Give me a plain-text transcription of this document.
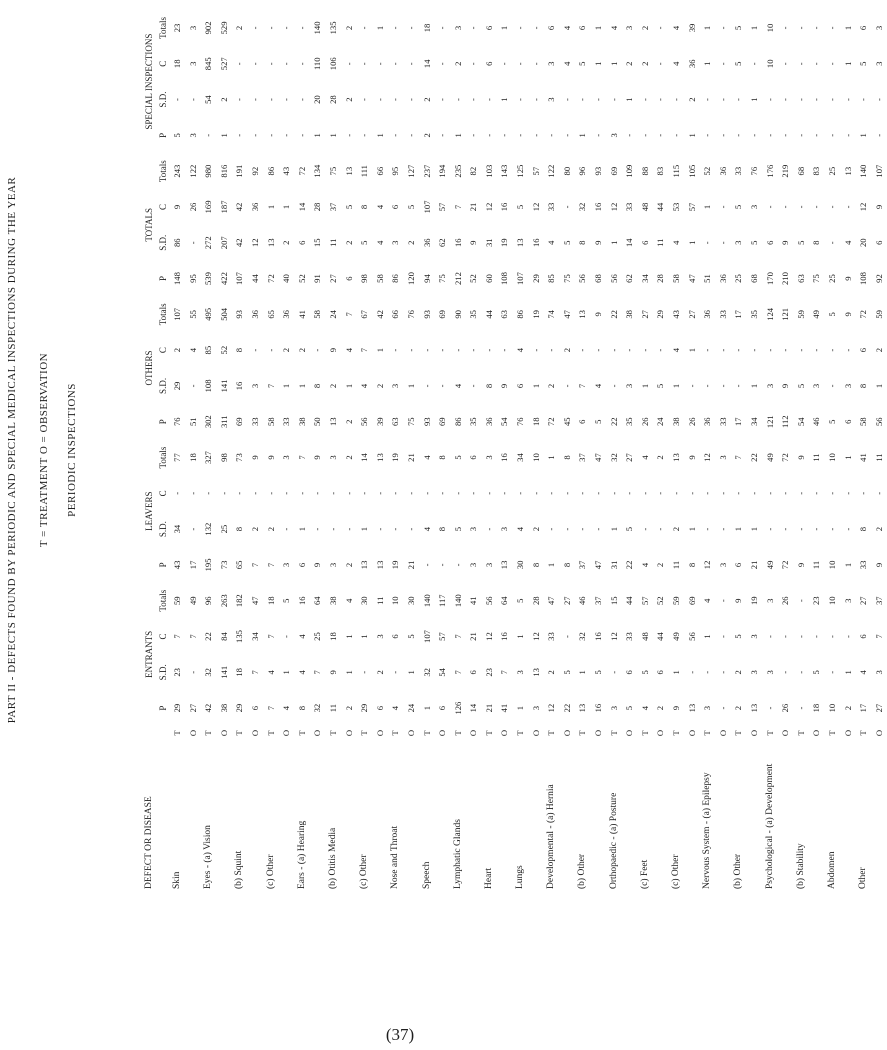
PART II - DEFECTS FOUND BY PERIODIC AND SPECIAL MEDICAL INSPECTIONS DURING THE YEAR T = TREATMENT O = OBSERVATION PERIODIC INSPECTIONS
DEFECT OR DISEASE		ENTRANTS				LEAVERS				OTHERS				TOTALS				SPECIAL INSPECTIONS			
		P	S.D.	C	Totals	P	S.D.	C	Totals	P	S.D.	C	Totals	P	S.D.	C	Totals	P	S.D.	C	Totals
Skin	T	29	23	7	59	43	34	-	77	76	29	2	107	148	86	9	243	5	-	18	23
	O	27	-	7	49	17	-	-	18	51	-	4	55	95	-	26	122	3	-	3	3
Eyes - (a) Vision	T	42	32	22	96	195	132	-	327	302	108	85	495	539	272	169	980	-	54	845	902
	O	38	141	84	263	73	25	-	98	311	141	52	504	422	207	187	816	1	2	527	529
(b) Squint	T	29	18	135	182	65	8	-	73	69	16	8	93	107	42	42	191	-	-	-	2
	O	6	7	34	47	7	2	-	9	33	3	-	36	44	12	36	92	-	-	-	-
(c) Other	T	7	4	7	18	7	2	-	9	58	7	-	65	72	13	1	86	-	-	-	-
	O	4	1	-	5	3	-	-	3	33	1	2	36	40	2	1	43	-	-	-	-
Ears - (a) Hearing	T	8	4	4	16	6	1	-	7	38	1	2	41	52	6	14	72	-	-	-	-
	O	32	7	25	64	9	-	-	9	50	8	-	58	91	15	28	134	1	20	110	140
(b) Otitis Media	T	11	9	18	38	3	-	-	3	13	2	9	24	27	11	37	75	1	28	106	135
	O	2	1	1	4	2	-	-	2	2	1	4	7	6	2	5	13	-	2	-	2
(c) Other	T	29	-	1	30	13	1	-	14	56	4	7	67	98	5	8	111	-	-	-	-
	O	6	2	3	11	13	-	-	13	39	2	1	42	58	4	4	66	1	-	-	1
Nose and Throat	T	4	-	6	10	19	-	-	19	63	3	-	66	86	3	6	95	-	-	-	-
	O	24	1	5	30	21	-	-	21	75	1	-	76	120	2	5	127	-	-	-	-
Speech	T	1	32	107	140	-	4	-	4	93	-	-	93	94	36	107	237	2	2	14	18
	O	6	54	57	117	-	8	-	8	69	-	-	69	75	62	57	194	-	-	-	-
Lymphatic Glands	T	126	7	7	140	-	5	-	5	86	4	-	90	212	16	7	235	1	-	2	3
	O	14	6	21	41	3	3	-	6	35	-	-	35	52	9	21	82	-	-	-	-
Heart	T	21	23	12	56	3	-	-	3	36	8	-	44	60	31	12	103	-	-	6	6
	O	41	7	16	64	13	3	-	16	54	9	-	63	108	19	16	143	-	1	-	1
Lungs	T	1	3	1	5	30	4	-	34	76	6	4	86	107	13	5	125	-	-	-	-
	O	3	13	12	28	8	2	-	10	18	1	-	19	29	16	12	57	-	-	-	-
Developmental - (a) Hernia	T	12	2	33	47	1	-	-	1	72	2	-	74	85	4	33	122	-	3	3	6
	O	22	5	-	27	8	-	-	8	45	-	2	47	75	5	-	80	-	-	4	4
(b) Other	T	13	1	32	46	37	-	-	37	6	7	-	13	56	8	32	96	1	-	5	6
	O	16	5	16	37	47	-	-	47	5	4	-	9	68	9	16	93	-	-	1	1
Orthopaedic - (a) Posture	T	3	-	12	15	31	1	-	32	22	-	-	22	56	1	12	69	3	-	1	4
	O	5	6	33	44	22	5	-	27	35	3	-	38	62	14	33	109	-	1	2	3
(c) Feet	T	4	5	48	57	4	-	-	4	26	1	-	27	34	6	48	88	-	-	2	2
	O	2	6	44	52	2	-	-	2	24	5	-	29	28	11	44	83	-	-	-	-
(c) Other	T	9	1	49	59	11	2	-	13	38	1	4	43	58	4	53	115	-	-	4	4
	O	13	-	56	69	8	1	-	9	26	-	1	27	47	1	57	105	1	2	36	39
Nervous System - (a) Epilepsy	T	3	-	1	4	12	-	-	12	36	-	-	36	51	-	1	52	-	-	1	1
	O	-	-	-	-	3	-	-	3	33	-	-	33	36	-	-	36	-	-	-	-
(b) Other	T	2	2	5	9	6	1	-	7	17	-	-	17	25	3	5	33	-	-	5	5
	O	13	3	3	19	21	1	-	22	34	1	-	35	68	5	3	76	-	1	-	1
Psychological - (a) Development	T	-	3	-	3	49	-	-	49	121	3	-	124	170	6	-	176	-	-	10	10
	O	26	-	-	26	72	-	-	72	112	9	-	121	210	9	-	219	-	-	-	-
(b) Stability	T	-	-	-	-	9	-	-	9	54	5	-	59	63	5	-	68	-	-	-	-
	O	18	5	-	23	11	-	-	11	46	3	-	49	75	8	-	83	-	-	-	-
Abdomen	T	10	-	-	10	10	-	-	10	5	-	-	5	25	-	-	25	-	-	-	-
	O	2	1	-	3	1	-	-	1	6	3	-	9	9	4	-	13	-	-	1	1
Other	T	17	4	6	27	33	8	-	41	58	8	6	72	108	20	12	140	1	-	5	6
	O	27	3	7	37	9	2	-	11	56	1	2	59	92	6	9	107	-	-	3	3
(37)
